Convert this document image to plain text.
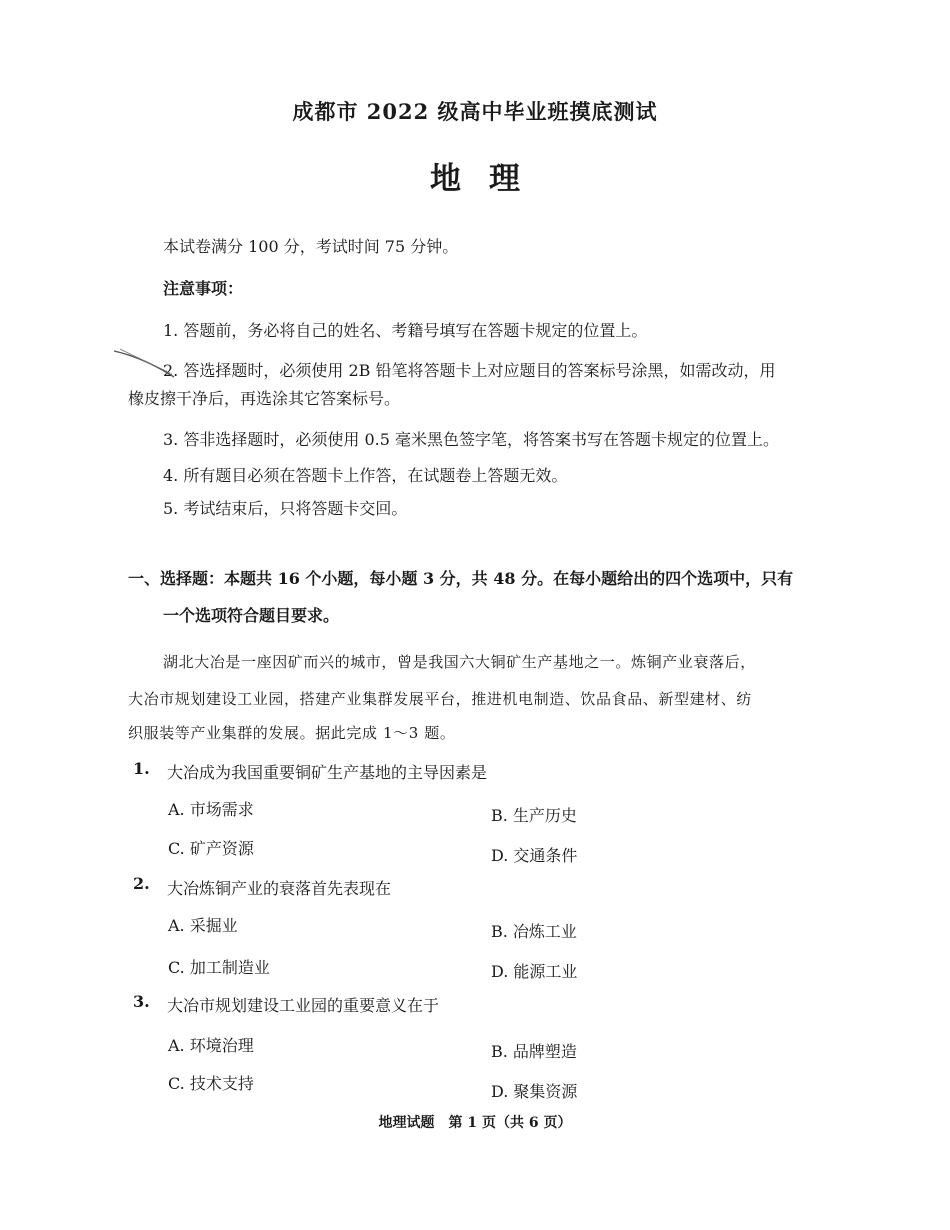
成都市 2022 级高中毕业班摸底测试
地理
本试卷满分 100 分，考试时间 75 分钟。
注意事项：
1. 答题前，务必将自己的姓名、考籍号填写在答题卡规定的位置上。
2. 答选择题时，必须使用 2B 铅笔将答题卡上对应题目的答案标号涂黑，如需改动，用
橡皮擦干净后，再选涂其它答案标号。
3. 答非选择题时，必须使用 0.5 毫米黑色签字笔，将答案书写在答题卡规定的位置上。
4. 所有题目必须在答题卡上作答，在试题卷上答题无效。
5. 考试结束后，只将答题卡交回。
一、选择题：本题共 16 个小题，每小题 3 分，共 48 分。在每小题给出的四个选项中，只有
一个选项符合题目要求。
湖北大冶是一座因矿而兴的城市，曾是我国六大铜矿生产基地之一。炼铜产业衰落后，
大冶市规划建设工业园，搭建产业集群发展平台，推进机电制造、饮品食品、新型建材、纺
织服装等产业集群的发展。据此完成 1～3 题。
1. 大冶成为我国重要铜矿生产基地的主导因素是
A. 市场需求	B. 生产历史
C. 矿产资源	D. 交通条件
2. 大冶炼铜产业的衰落首先表现在
A. 采掘业	B. 冶炼工业
C. 加工制造业	D. 能源工业
3. 大冶市规划建设工业园的重要意义在于
A. 环境治理	B. 品牌塑造
C. 技术支持	D. 聚集资源
地理试题　第 1 页（共 6 页）
